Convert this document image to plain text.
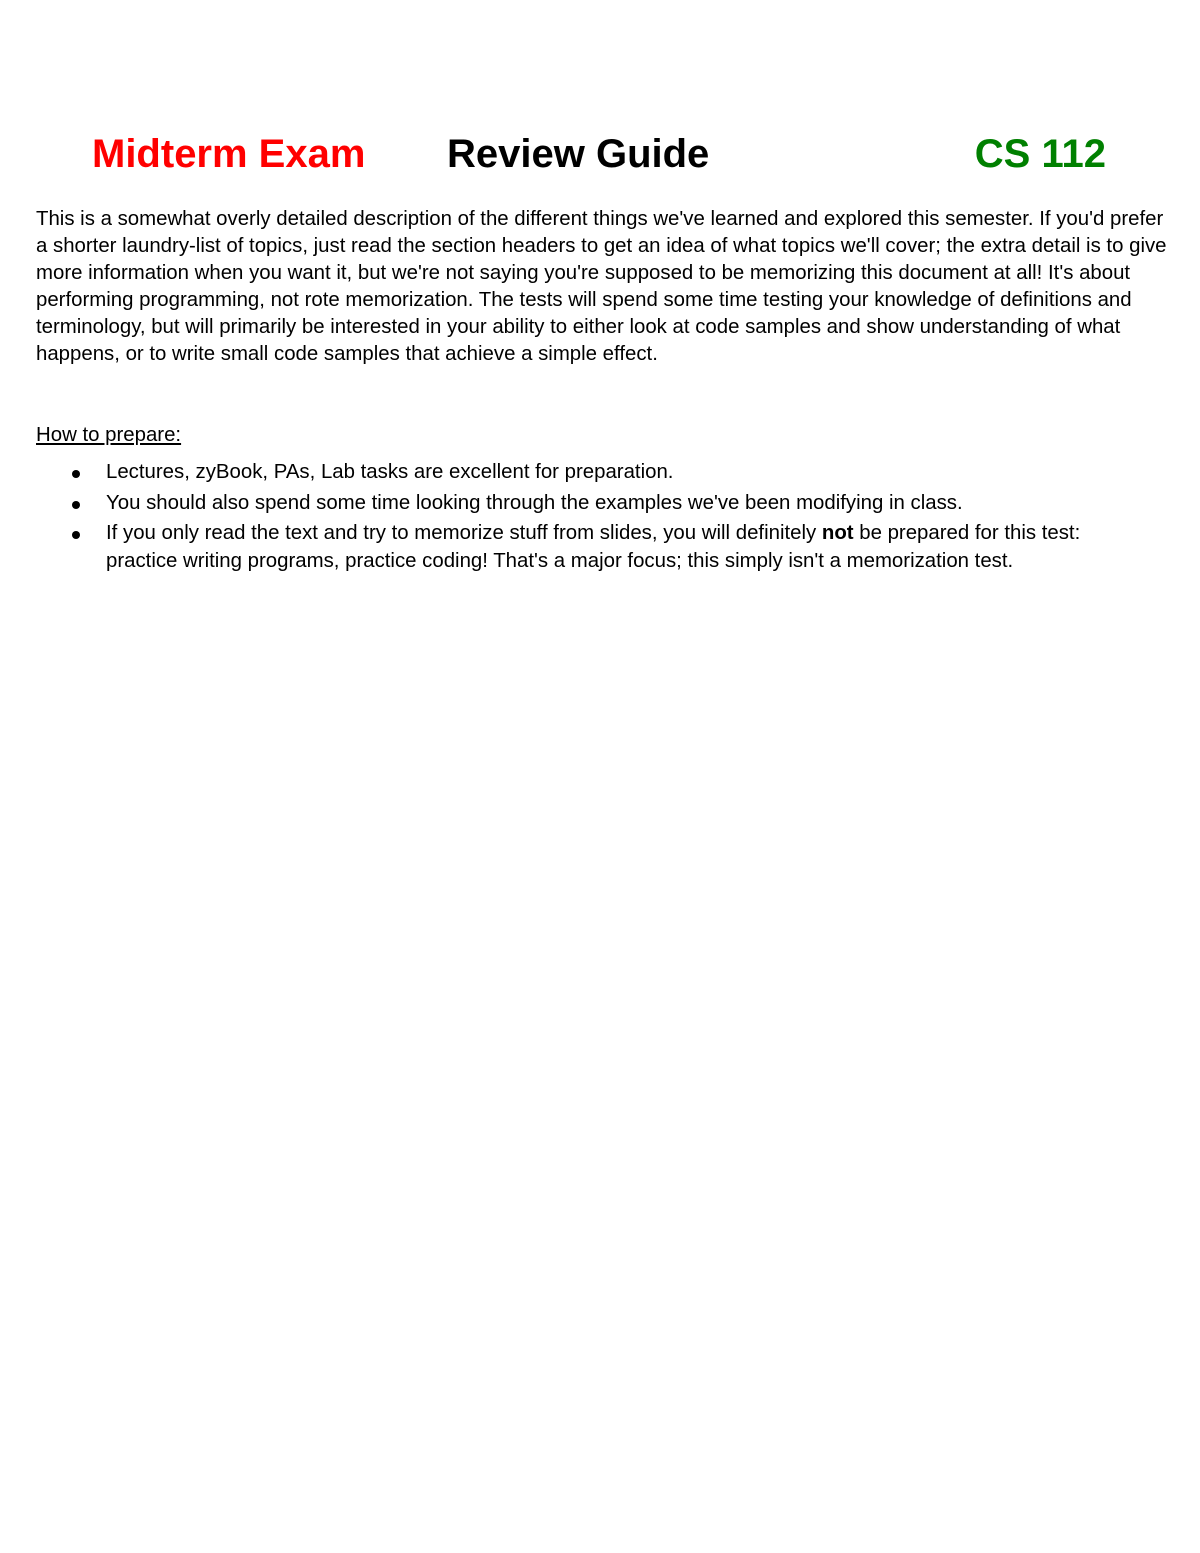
Midterm Exam Review Guide	CS 112

This is a somewhat overly detailed description of the different things we've learned and explored this semester. If you'd prefer a shorter laundry-list of topics, just read the section headers to get an idea of what topics we'll cover; the extra detail is to give more information when you want it, but we're not saying you're supposed to be memorizing this document at all! It's about performing programming, not rote memorization. The tests will spend some time testing your knowledge of definitions and terminology, but will primarily be interested in your ability to either look at code samples and show understanding of what happens, or to write small code samples that achieve a simple effect.

How to prepare:

Lectures, zyBook, PAs, Lab tasks are excellent for preparation.
You should also spend some time looking through the examples we've been modifying in class.
If you only read the text and try to memorize stuff from slides, you will definitely not be prepared for this test: practice writing programs, practice coding! That's a major focus; this simply isn't a memorization test.
